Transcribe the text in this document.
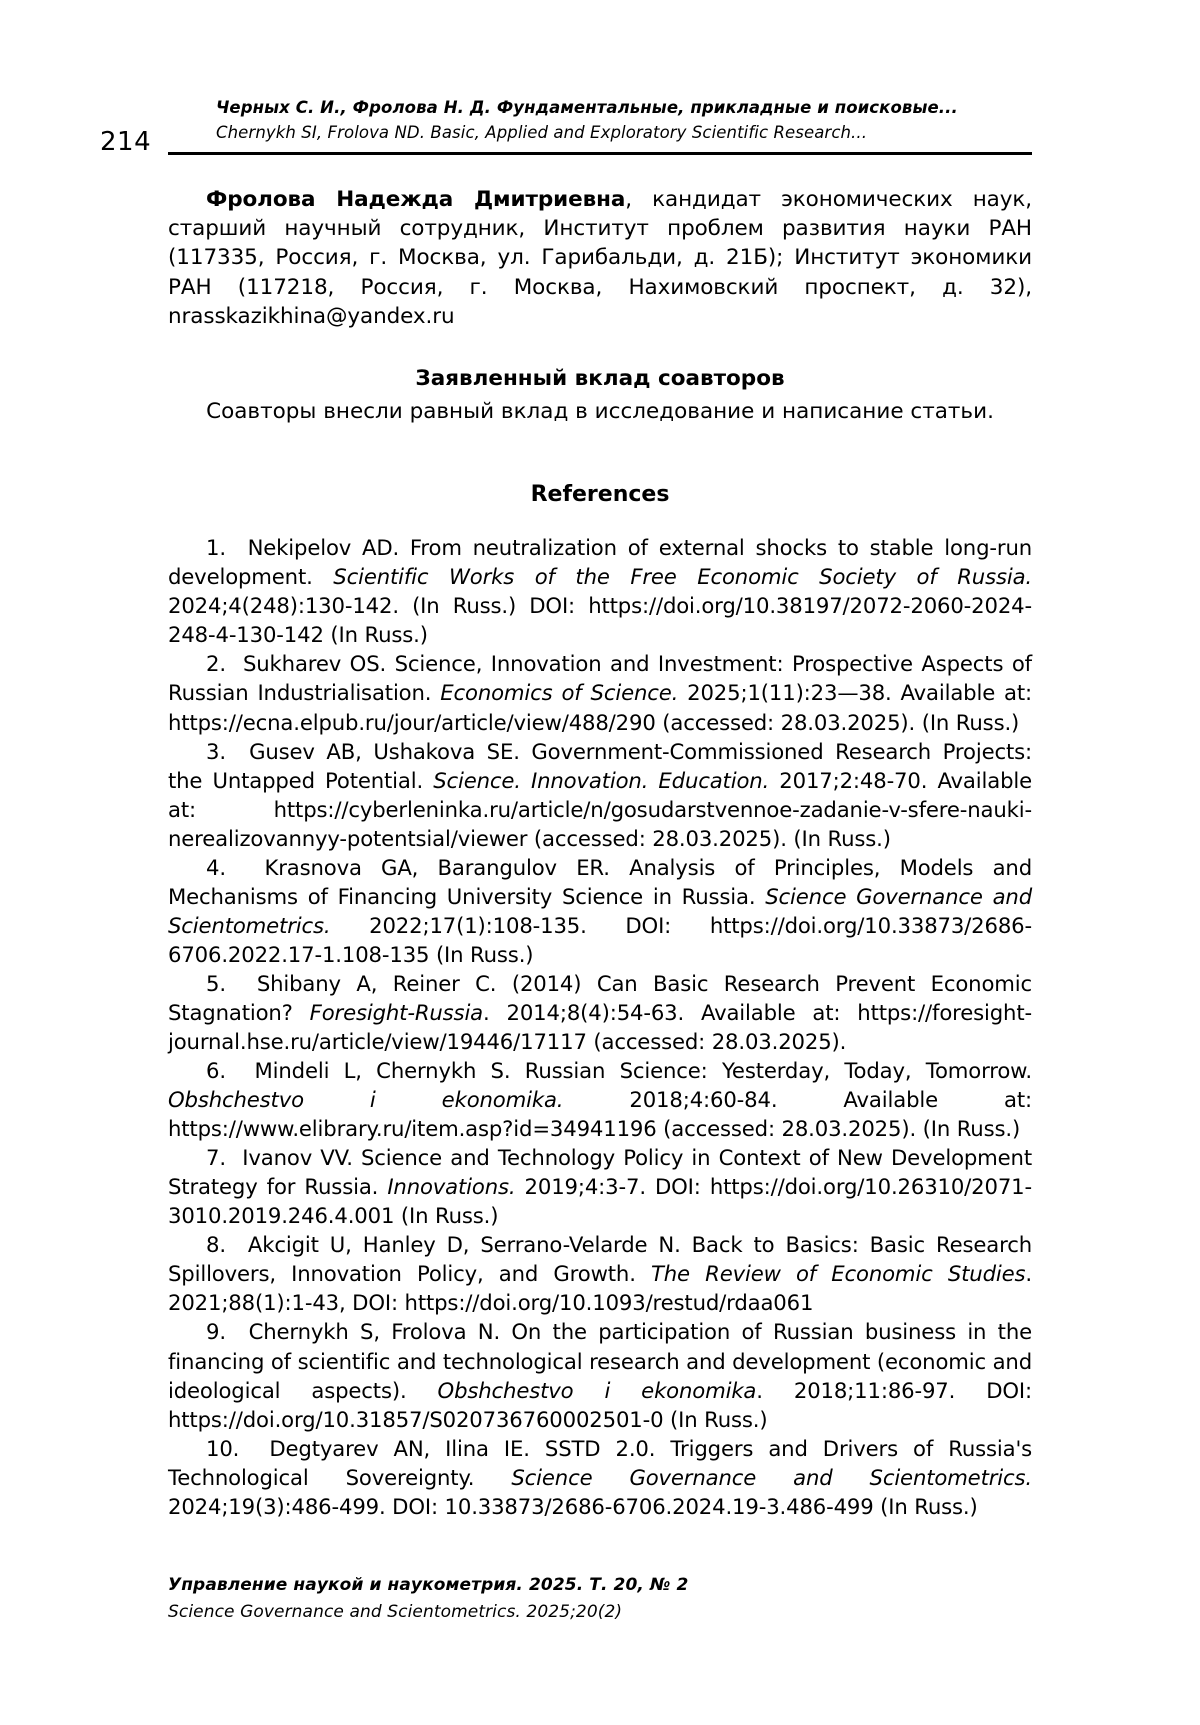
214
Черных С. И., Фролова Н. Д. Фундаментальные, прикладные и поисковые...
Chernykh SI, Frolova ND. Basic, Applied and Exploratory Scientific Research...

Фролова Надежда Дмитриевна, кандидат экономических наук, старший научный сотрудник, Институт проблем развития науки РАН (117335, Россия, г. Москва, ул. Гарибальди, д. 21Б); Институт экономики РАН (117218, Россия, г. Москва, Нахимовский проспект, д. 32), nrasskazikhina@yandex.ru

Заявленный вклад соавторов

Соавторы внесли равный вклад в исследование и написание статьи.

References

1.  Nekipelov AD. From neutralization of external shocks to stable long-run development. Scientific Works of the Free Economic Society of Russia. 2024;4(248):130-142. (In Russ.) DOI: https://doi.org/10.38197/2072-2060-2024-248-4-130-142 (In Russ.)

2.  Sukharev OS. Science, Innovation and Investment: Prospective Aspects of Russian Industrialisation. Economics of Science. 2025;1(11):23—38. Available at: https://ecna.elpub.ru/jour/article/view/488/290 (accessed: 28.03.2025). (In Russ.)

3.  Gusev AB, Ushakova SE. Government-Commissioned Research Projects: the Untapped Potential. Science. Innovation. Education. 2017;2:48-70. Available at: https://cyberleninka.ru/article/n/gosudarstvennoe-zadanie-v-sfere-nauki-nerealizovannyy-potentsial/viewer (accessed: 28.03.2025). (In Russ.)

4.  Krasnova GA, Barangulov ER. Analysis of Principles, Models and Mechanisms of Financing University Science in Russia. Science Governance and Scientometrics. 2022;17(1):108-135. DOI: https://doi.org/10.33873/2686-6706.2022.17-1.108-135 (In Russ.)

5.  Shibany A, Reiner C. (2014) Can Basic Research Prevent Economic Stagnation? Foresight-Russia. 2014;8(4):54-63. Available at: https://foresight-journal.hse.ru/article/view/19446/17117 (accessed: 28.03.2025).

6.  Mindeli L, Chernykh S. Russian Science: Yesterday, Today, Tomorrow. Obshchestvo i ekonomika. 2018;4:60-84. Available at: https://www.elibrary.ru/item.asp?id=34941196 (accessed: 28.03.2025). (In Russ.)

7.  Ivanov VV. Science and Technology Policy in Context of New Development Strategy for Russia. Innovations. 2019;4:3-7. DOI: https://doi.org/10.26310/2071-3010.2019.246.4.001 (In Russ.)

8.  Akcigit U, Hanley D, Serrano-Velarde N. Back to Basics: Basic Research Spillovers, Innovation Policy, and Growth. The Review of Economic Studies. 2021;88(1):1-43, DOI: https://doi.org/10.1093/restud/rdaa061

9.  Chernykh S, Frolova N. On the participation of Russian business in the financing of scientific and technological research and development (economic and ideological aspects). Obshchestvo i ekonomika. 2018;11:86-97. DOI: https://doi.org/10.31857/S020736760002501-0 (In Russ.)

10.  Degtyarev AN, Ilina IE. SSTD 2.0. Triggers and Drivers of Russia's Technological Sovereignty. Science Governance and Scientometrics. 2024;19(3):486-499. DOI: 10.33873/2686-6706.2024.19-3.486-499 (In Russ.)

Управление наукой и наукометрия. 2025. Т. 20, № 2
Science Governance and Scientometrics. 2025;20(2)
